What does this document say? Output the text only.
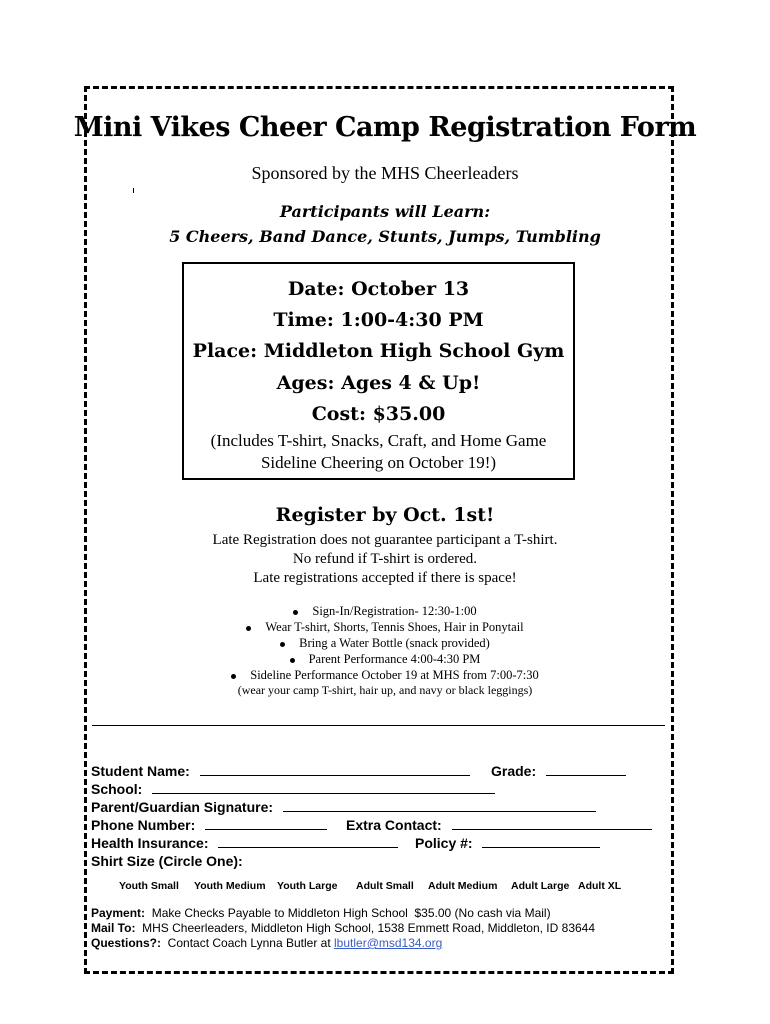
Mini Vikes Cheer Camp Registration Form
Sponsored by the MHS Cheerleaders
Participants will Learn:
5 Cheers, Band Dance, Stunts, Jumps, Tumbling
Date: October 13
Time: 1:00-4:30 PM
Place: Middleton High School Gym
Ages: Ages 4 & Up!
Cost: $35.00
(Includes T-shirt, Snacks, Craft, and Home Game
Sideline Cheering on October 19!)
Register by Oct. 1st!
Late Registration does not guarantee participant a T-shirt.
No refund if T-shirt is ordered.
Late registrations accepted if there is space!
Sign-In/Registration- 12:30-1:00
Wear T-shirt, Shorts, Tennis Shoes, Hair in Ponytail
Bring a Water Bottle (snack provided)
Parent Performance 4:00-4:30 PM
Sideline Performance October 19 at MHS from 7:00-7:30
(wear your camp T-shirt, hair up, and navy or black leggings)
Student Name:	Grade:
School:
Parent/Guardian Signature:
Phone Number:	Extra Contact:
Health Insurance:	Policy #:
Shirt Size (Circle One):
Youth Small Youth Medium Youth Large Adult Small Adult Medium Adult Large Adult XL
Payment:  Make Checks Payable to Middleton High School  $35.00 (No cash via Mail)
Mail To:  MHS Cheerleaders, Middleton High School, 1538 Emmett Road, Middleton, ID 83644
Questions?:  Contact Coach Lynna Butler at lbutler@msd134.org
